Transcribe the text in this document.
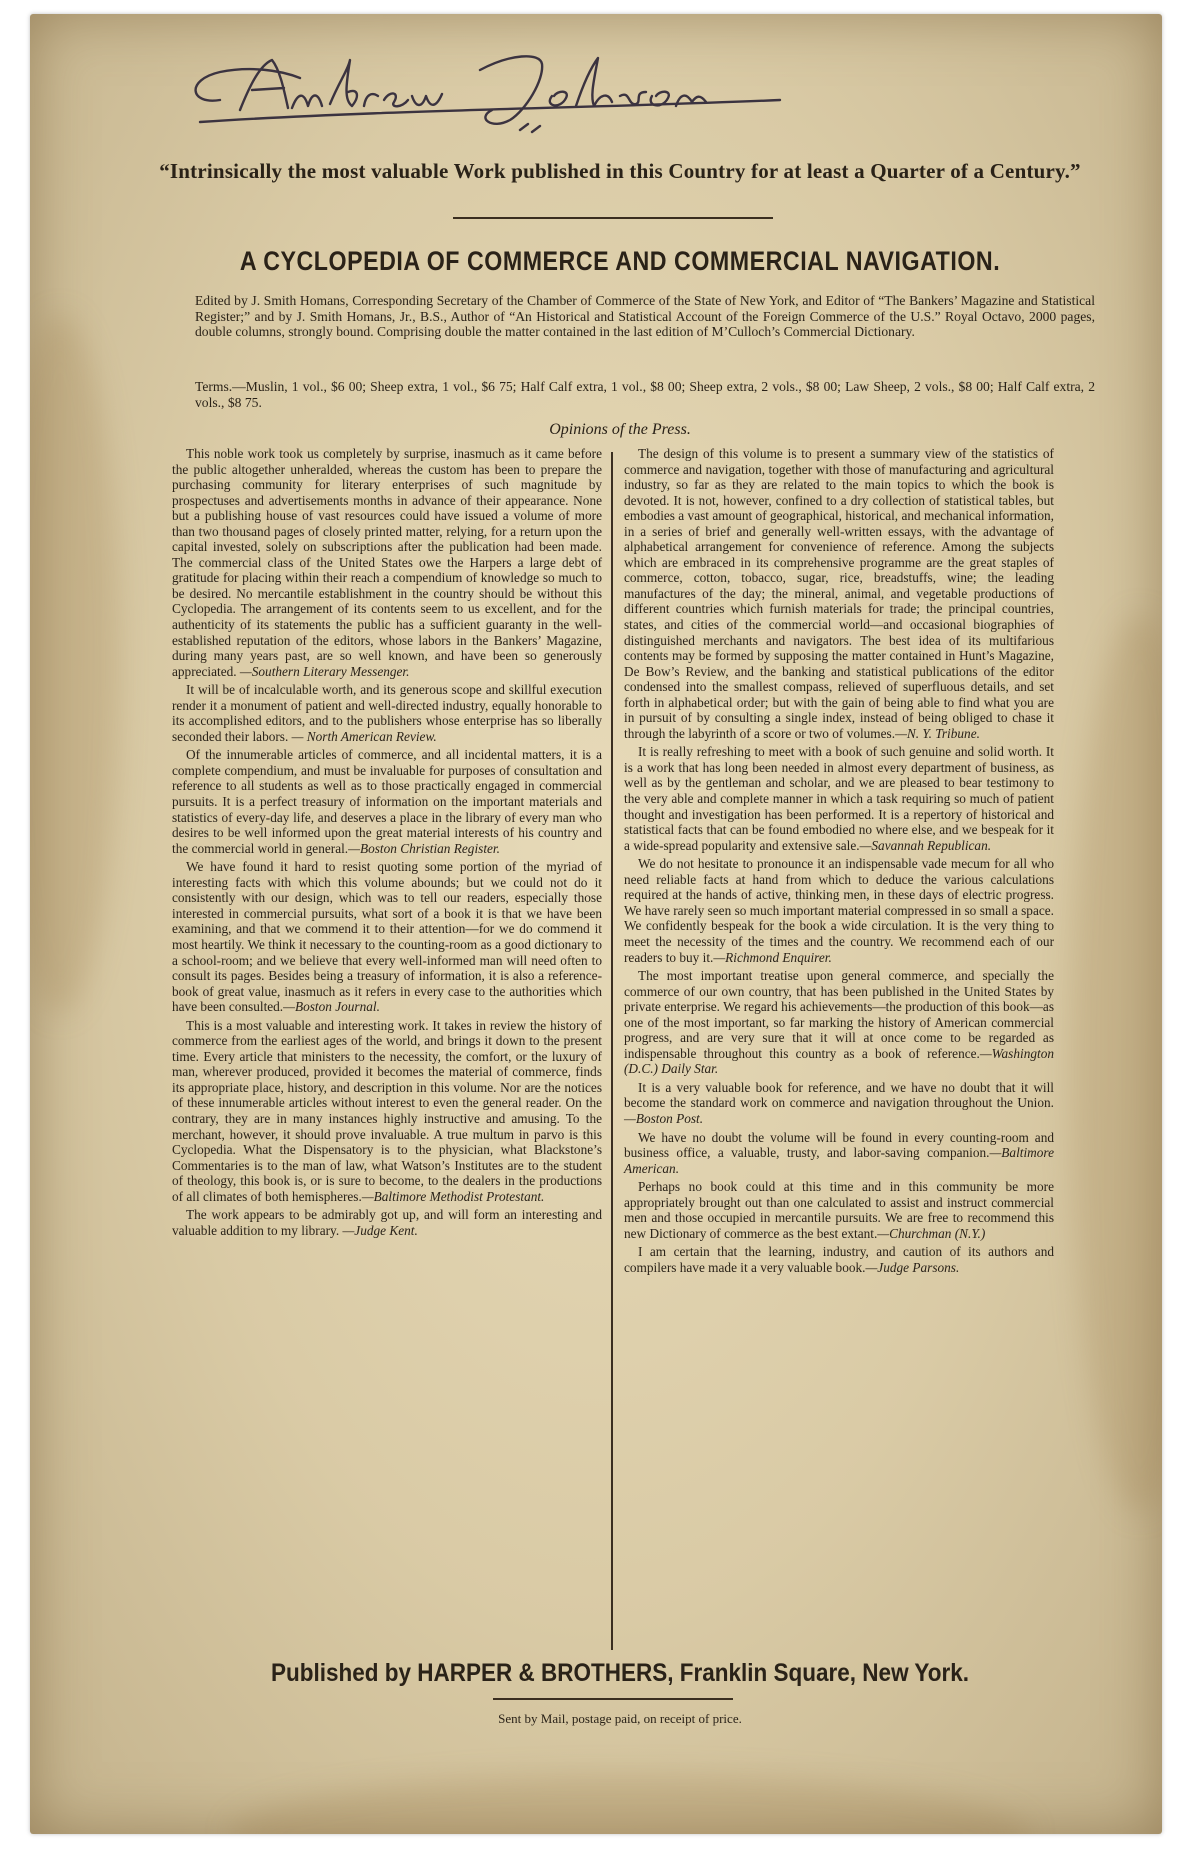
“Intrinsically the most valuable Work published in this Country for at least a Quarter of a Century.”
A CYCLOPEDIA OF COMMERCE AND COMMERCIAL NAVIGATION.
Edited by J. Smith Homans, Corresponding Secretary of the Chamber of Commerce of the State of New York, and Editor of “The Bankers’ Magazine and Statistical Register;” and by J. Smith Homans, Jr., B.S., Author of “An Historical and Statistical Account of the Foreign Commerce of the U.S.” Royal Octavo, 2000 pages, double columns, strongly bound. Comprising double the matter contained in the last edition of M’Culloch’s Commercial Dictionary.
Terms.—Muslin, 1 vol., $6 00; Sheep extra, 1 vol., $6 75; Half Calf extra, 1 vol., $8 00; Sheep extra, 2 vols., $8 00; Law Sheep, 2 vols., $8 00; Half Calf extra, 2 vols., $8 75.
Opinions of the Press.

This noble work took us completely by surprise, inasmuch as it came before the public altogether unheralded, whereas the custom has been to prepare the purchasing community for literary enterprises of such magnitude by prospectuses and advertisements months in advance of their appearance. None but a publishing house of vast resources could have issued a volume of more than two thousand pages of closely printed matter, relying, for a return upon the capital invested, solely on subscriptions after the publication had been made. The commercial class of the United States owe the Harpers a large debt of gratitude for placing within their reach a compendium of knowledge so much to be desired. No mercantile establishment in the country should be without this Cyclopedia. The arrangement of its contents seem to us excellent, and for the authenticity of its statements the public has a sufficient guaranty in the well-established reputation of the editors, whose labors in the Bankers’ Magazine, during many years past, are so well known, and have been so generously appreciated. —Southern Literary Messenger.

It will be of incalculable worth, and its generous scope and skillful execution render it a monument of patient and well-directed industry, equally honorable to its accomplished editors, and to the publishers whose enterprise has so liberally seconded their labors. — North American Review.

Of the innumerable articles of commerce, and all incidental matters, it is a complete compendium, and must be invaluable for purposes of consultation and reference to all students as well as to those practically engaged in commercial pursuits. It is a perfect treasury of information on the important materials and statistics of every-day life, and deserves a place in the library of every man who desires to be well informed upon the great material interests of his country and the commercial world in general.—Boston Christian Register.

We have found it hard to resist quoting some portion of the myriad of interesting facts with which this volume abounds; but we could not do it consistently with our design, which was to tell our readers, especially those interested in commercial pursuits, what sort of a book it is that we have been examining, and that we commend it to their attention—for we do commend it most heartily. We think it necessary to the counting-room as a good dictionary to a school-room; and we believe that every well-informed man will need often to consult its pages. Besides being a treasury of information, it is also a reference-book of great value, inasmuch as it refers in every case to the authorities which have been consulted.—Boston Journal.

This is a most valuable and interesting work. It takes in review the history of commerce from the earliest ages of the world, and brings it down to the present time. Every article that ministers to the necessity, the comfort, or the luxury of man, wherever produced, provided it becomes the material of commerce, finds its appropriate place, history, and description in this volume. Nor are the notices of these innumerable articles without interest to even the general reader. On the contrary, they are in many instances highly instructive and amusing. To the merchant, however, it should prove invaluable. A true multum in parvo is this Cyclopedia. What the Dispensatory is to the physician, what Blackstone’s Commentaries is to the man of law, what Watson’s Institutes are to the student of theology, this book is, or is sure to become, to the dealers in the productions of all climates of both hemispheres.—Baltimore Methodist Protestant.

The work appears to be admirably got up, and will form an interesting and valuable addition to my library. —Judge Kent.

The design of this volume is to present a summary view of the statistics of commerce and navigation, together with those of manufacturing and agricultural industry, so far as they are related to the main topics to which the book is devoted. It is not, however, confined to a dry collection of statistical tables, but embodies a vast amount of geographical, historical, and mechanical information, in a series of brief and generally well-written essays, with the advantage of alphabetical arrangement for convenience of reference. Among the subjects which are embraced in its comprehensive programme are the great staples of commerce, cotton, tobacco, sugar, rice, breadstuffs, wine; the leading manufactures of the day; the mineral, animal, and vegetable productions of different countries which furnish materials for trade; the principal countries, states, and cities of the commercial world—and occasional biographies of distinguished merchants and navigators. The best idea of its multifarious contents may be formed by supposing the matter contained in Hunt’s Magazine, De Bow’s Review, and the banking and statistical publications of the editor condensed into the smallest compass, relieved of superfluous details, and set forth in alphabetical order; but with the gain of being able to find what you are in pursuit of by consulting a single index, instead of being obliged to chase it through the labyrinth of a score or two of volumes.—N. Y. Tribune.

It is really refreshing to meet with a book of such genuine and solid worth. It is a work that has long been needed in almost every department of business, as well as by the gentleman and scholar, and we are pleased to bear testimony to the very able and complete manner in which a task requiring so much of patient thought and investigation has been performed. It is a repertory of historical and statistical facts that can be found embodied no where else, and we bespeak for it a wide-spread popularity and extensive sale.—Savannah Republican.

We do not hesitate to pronounce it an indispensable vade mecum for all who need reliable facts at hand from which to deduce the various calculations required at the hands of active, thinking men, in these days of electric progress. We have rarely seen so much important material compressed in so small a space. We confidently bespeak for the book a wide circulation. It is the very thing to meet the necessity of the times and the country. We recommend each of our readers to buy it.—Richmond Enquirer.

The most important treatise upon general commerce, and specially the commerce of our own country, that has been published in the United States by private enterprise. We regard his achievements—the production of this book—as one of the most important, so far marking the history of American commercial progress, and are very sure that it will at once come to be regarded as indispensable throughout this country as a book of reference.—Washington (D.C.) Daily Star.

It is a very valuable book for reference, and we have no doubt that it will become the standard work on commerce and navigation throughout the Union.—Boston Post.

We have no doubt the volume will be found in every counting-room and business office, a valuable, trusty, and labor-saving companion.—Baltimore American.

Perhaps no book could at this time and in this community be more appropriately brought out than one calculated to assist and instruct commercial men and those occupied in mercantile pursuits. We are free to recommend this new Dictionary of commerce as the best extant.—Churchman (N.Y.)

I am certain that the learning, industry, and caution of its authors and compilers have made it a very valuable book.—Judge Parsons.

Published by HARPER & BROTHERS, Franklin Square, New York.
Sent by Mail, postage paid, on receipt of price.
